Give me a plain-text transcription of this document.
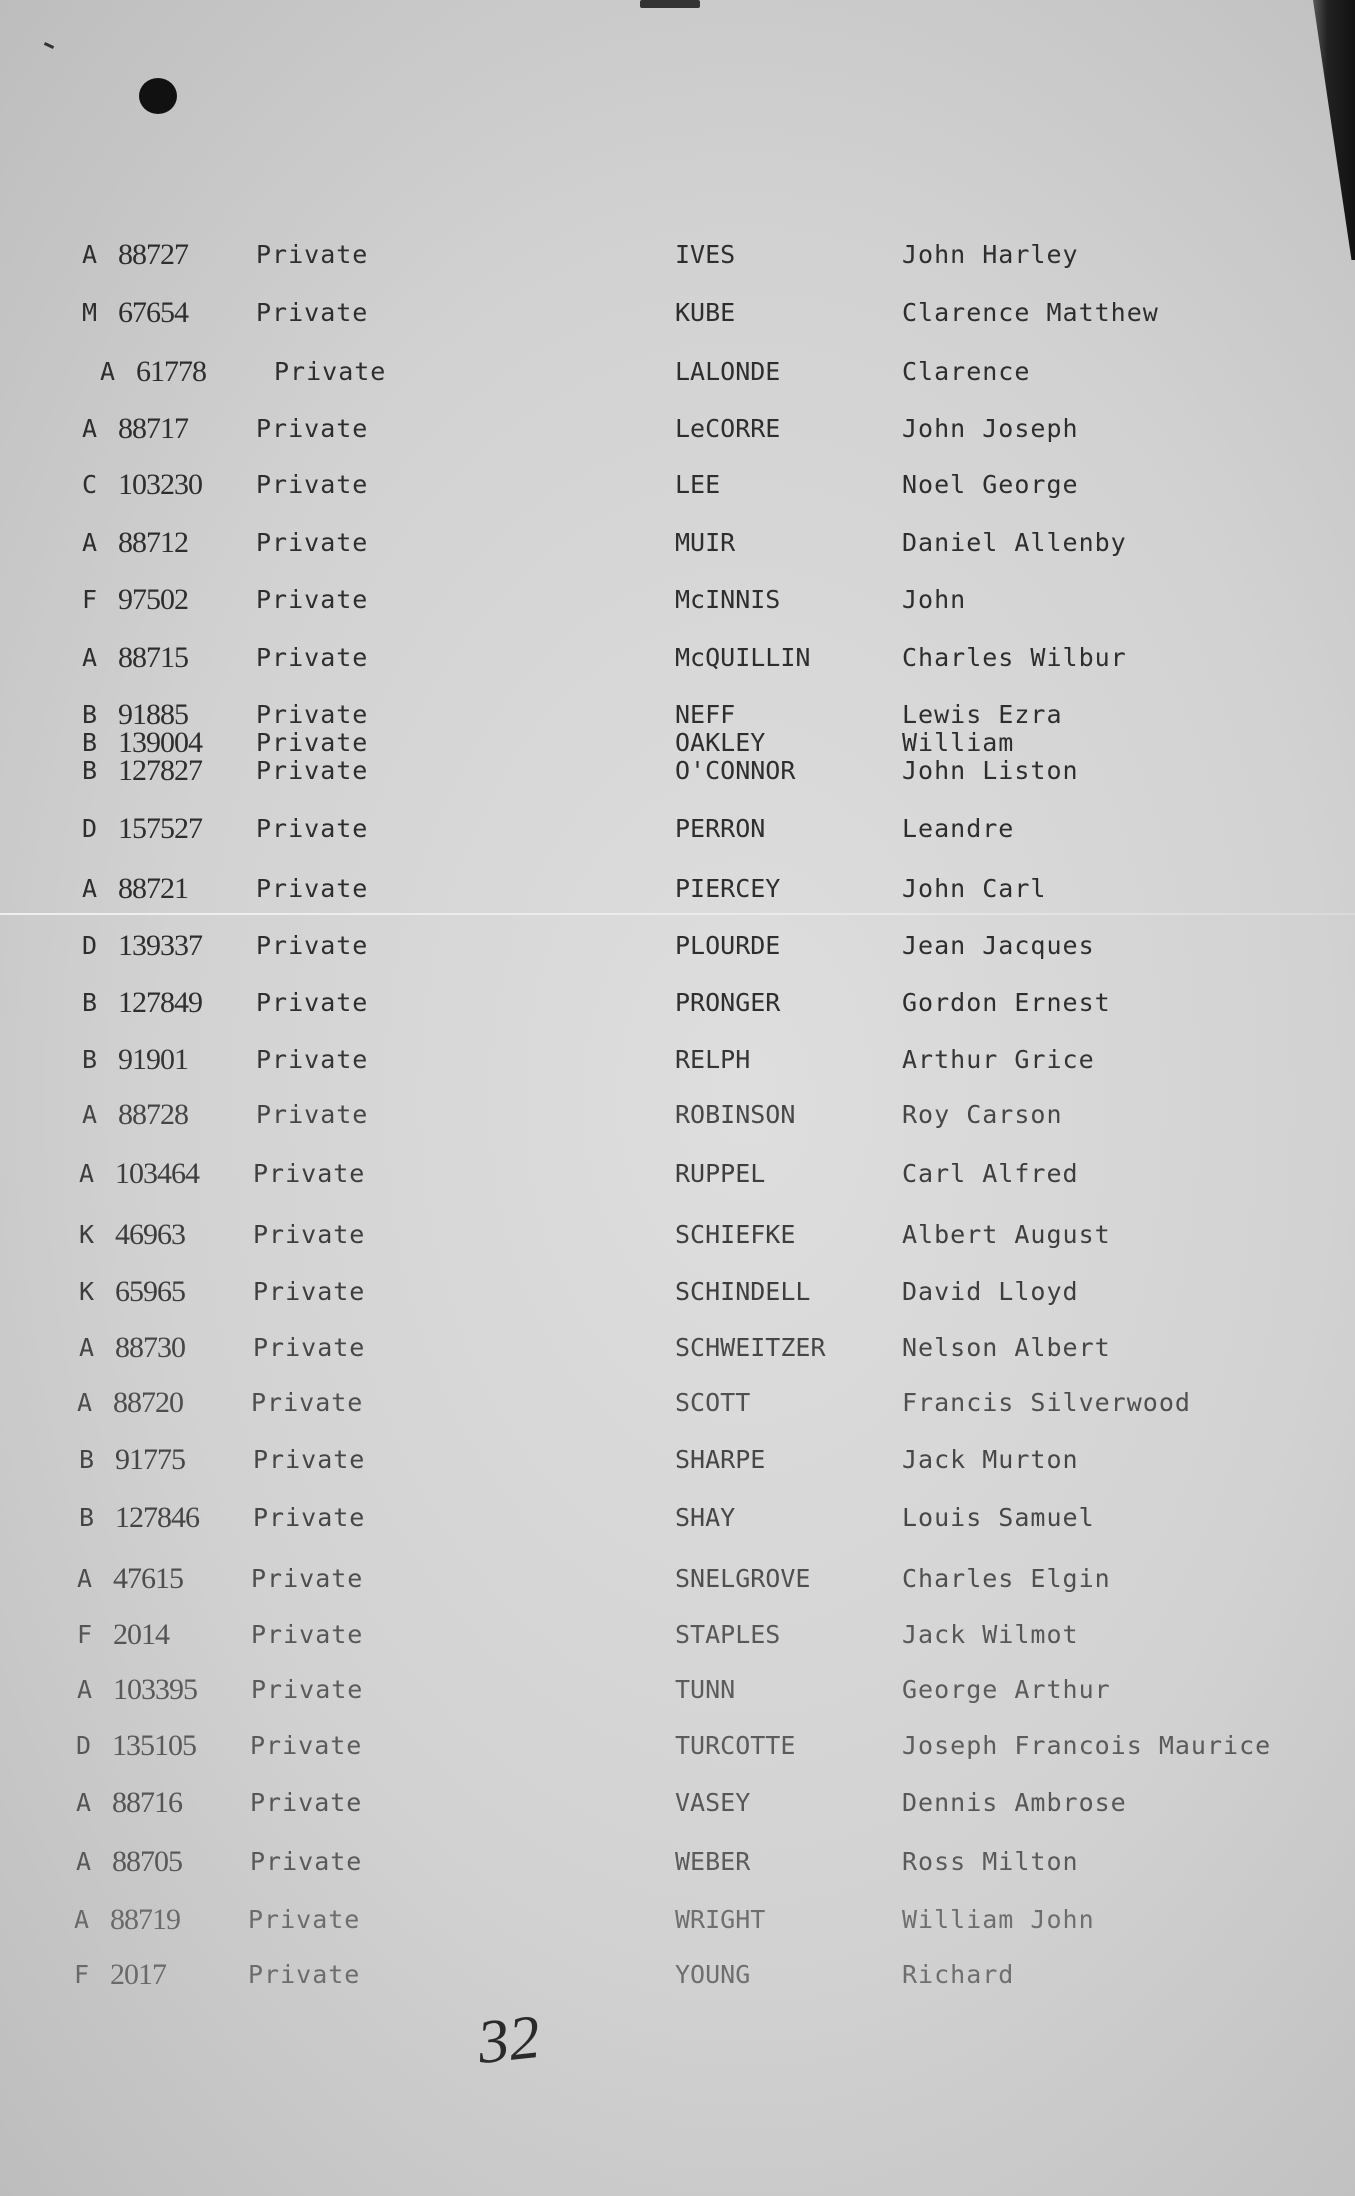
A 88727	Private	IVES	John Harley
M 67654	Private	KUBE	Clarence Matthew
A 61778	Private	LALONDE	Clarence
A 88717	Private	LeCORRE	John Joseph
C 103230 Private	LEE	Noel George
A 88712	Private	MUIR	Daniel Allenby
F 97502	Private	McINNIS	John
A 88715	Private	McQUILLIN	Charles Wilbur
B 91885	Private	NEFF	Lewis Ezra
B 139004 Private	OAKLEY	William
B 127827 Private	O'CONNOR	John Liston
D 157527 Private	PERRON	Leandre
A 88721	Private	PIERCEY	John Carl
D 139337 Private	PLOURDE	Jean Jacques
B 127849 Private	PRONGER	Gordon Ernest
B 91901	Private	RELPH	Arthur Grice
A 88728	Private	ROBINSON	Roy Carson
A 103464 Private	RUPPEL	Carl Alfred
K 46963	Private	SCHIEFKE	Albert August
K 65965	Private	SCHINDELL	David Lloyd
A 88730	Private	SCHWEITZER	Nelson Albert
A 88720	Private	SCOTT	Francis Silverwood
B 91775	Private	SHARPE	Jack Murton
B 127846 Private	SHAY	Louis Samuel
A 47615	Private	SNELGROVE	Charles Elgin
F 2014	Private	STAPLES	Jack Wilmot
A 103395 Private	TUNN	George Arthur
D 135105 Private	TURCOTTE	Joseph Francois Maurice
A 88716	Private	VASEY	Dennis Ambrose
A 88705	Private	WEBER	Ross Milton
A 88719	Private	WRIGHT	William John
F 2017	Private	YOUNG	Richard
32
